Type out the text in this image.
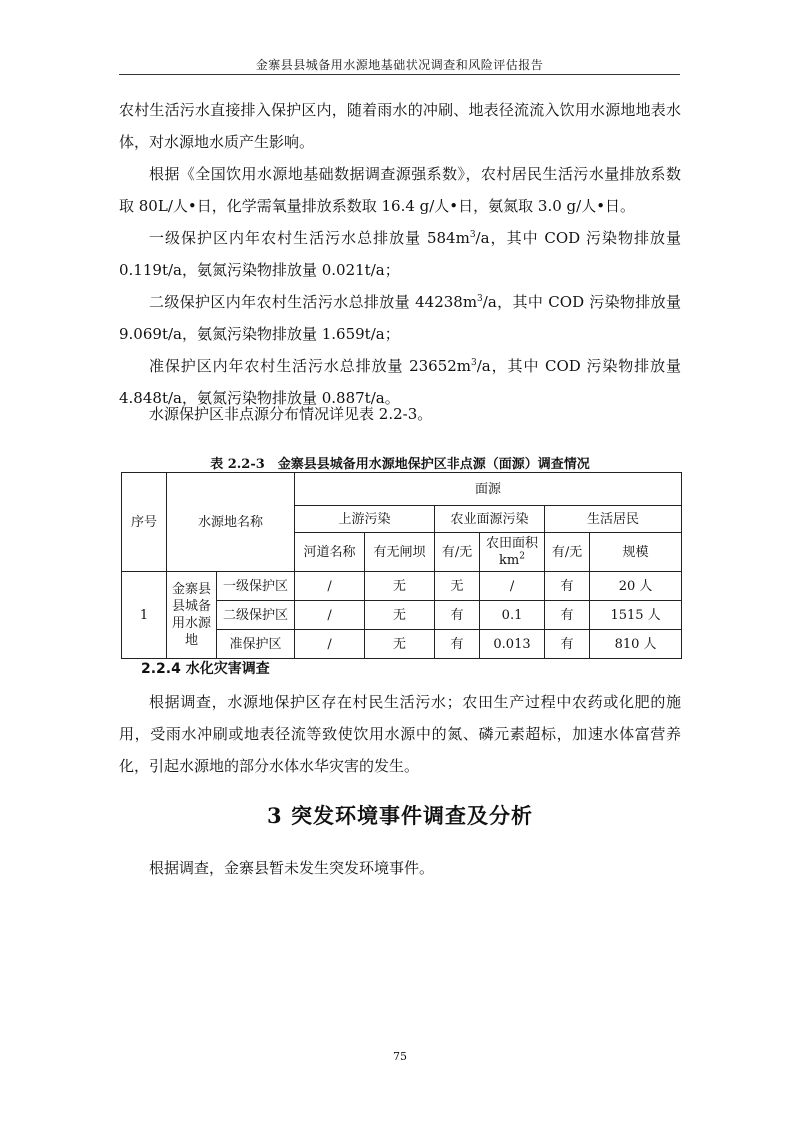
金寨县县城备用水源地基础状况调查和风险评估报告

农村生活污水直接排入保护区内，随着雨水的冲刷、地表径流流入饮用水源地地表水体，对水源地水质产生影响。

根据《全国饮用水源地基础数据调查源强系数》，农村居民生活污水量排放系数取 80L/人•日，化学需氧量排放系数取 16.4 g/人•日，氨氮取 3.0 g/人•日。

一级保护区内年农村生活污水总排放量 $584m^3/a$，其中 COD 污染物排放量 0.119t/a，氨氮污染物排放量 0.021t/a；

二级保护区内年农村生活污水总排放量 $44238m^3/a$，其中 COD 污染物排放量 9.069t/a，氨氮污染物排放量 1.659t/a；

准保护区内年农村生活污水总排放量 $23652m^3/a$，其中 COD 污染物排放量 4.848t/a，氨氮污染物排放量 0.887t/a。

水源保护区非点源分布情况详见表 2.2-3。

表 2.2-3　金寨县县城备用水源地保护区非点源（面源）调查情况
序号	水源地名称		面源					
			上游污染		农业面源污染		生活居民	
			河道名称	有无闸坝	有/无	农田面积 $km^2$	有/无	规模
1	金寨县县城备用水源地	一级保护区	/	无	无	/	有	20 人
		二级保护区	/	无	有	0.1	有	1515 人
		准保护区	/	无	有	0.013	有	810 人
2.2.4 水化灾害调查

根据调查，水源地保护区存在村民生活污水；农田生产过程中农药或化肥的施用，受雨水冲刷或地表径流等致使饮用水源中的氮、磷元素超标，加速水体富营养化，引起水源地的部分水体水华灾害的发生。

3 突发环境事件调查及分析

根据调查，金寨县暂未发生突发环境事件。

75
